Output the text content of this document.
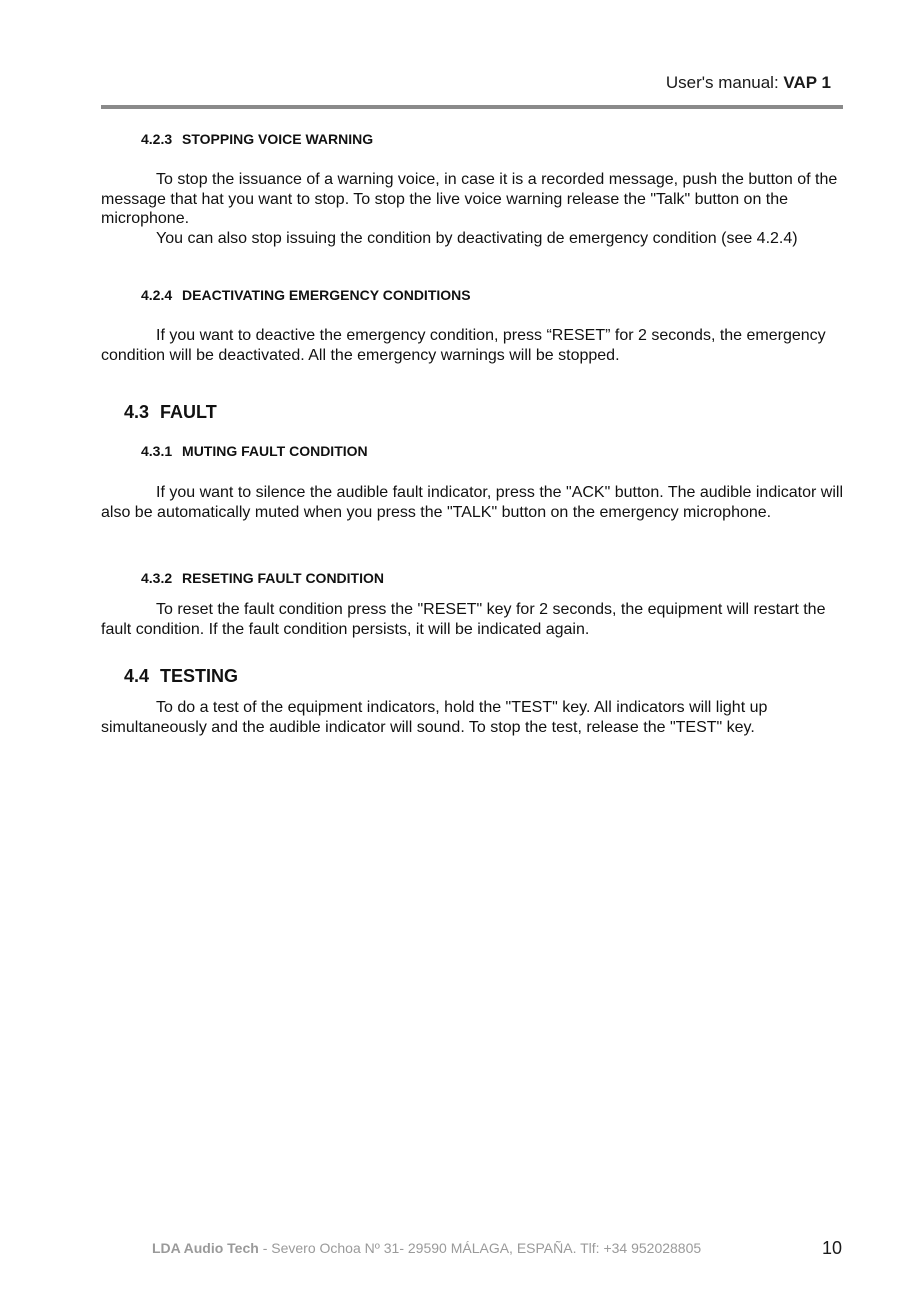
User's manual: VAP 1
4.2.3 STOPPING VOICE WARNING

To stop the issuance of a warning voice, in case it is a recorded message, push the button of the message that hat you want to stop. To stop the live voice warning release the "Talk" button on the microphone.

You can also stop issuing the condition by deactivating de emergency condition (see 4.2.4)

4.2.4 DEACTIVATING EMERGENCY CONDITIONS

If you want to deactive the emergency condition, press “RESET” for 2 seconds, the emergency condition will be deactivated. All the emergency warnings will be stopped.

4.3 FAULT
4.3.1 MUTING FAULT CONDITION

If you want to silence the audible fault indicator, press the "ACK" button. The audible indicator will also be automatically muted when you press the "TALK" button on the emergency microphone.

4.3.2 RESETING FAULT CONDITION

To reset the fault condition press the "RESET" key for 2 seconds, the equipment will restart the fault condition. If the fault condition persists, it will be indicated again.

4.4 TESTING

To do a test of the equipment indicators, hold the "TEST" key. All indicators will light up simultaneously and the audible indicator will sound. To stop the test, release the "TEST" key.

LDA Audio Tech - Severo Ochoa Nº 31- 29590 MÁLAGA, ESPAÑA. Tlf: +34 952028805	10
